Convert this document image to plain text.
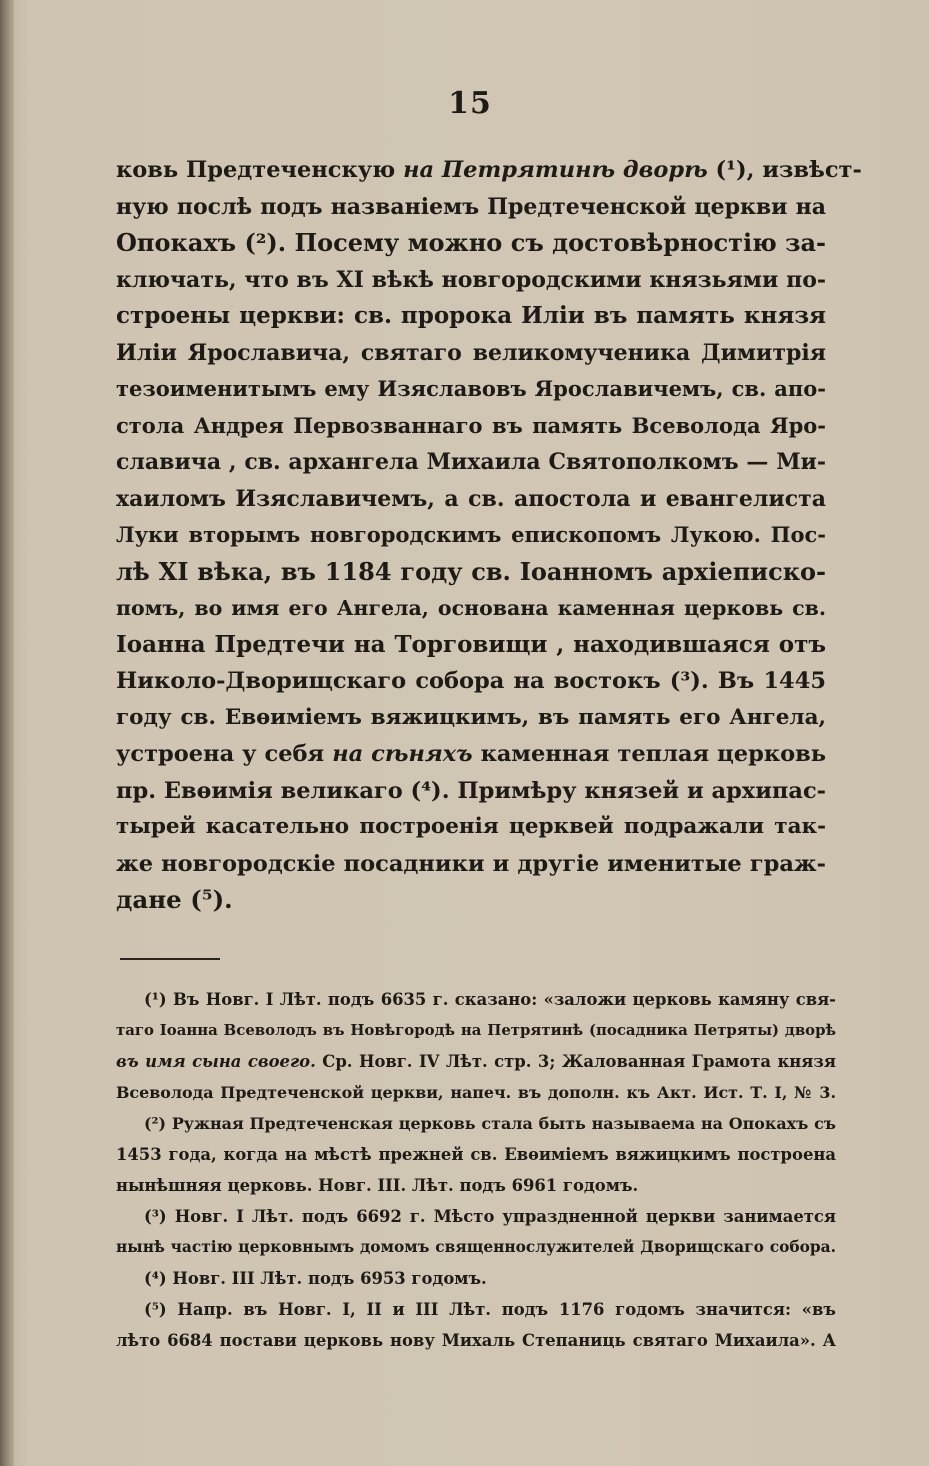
15
ковь Предтеченскую на Петрятинѣ дворѣ (¹), извѣст-
ную послѣ подъ названіемъ Предтеченской церкви на
Опокахъ (²). Посему можно съ достовѣрностію за-
ключать, что въ XI вѣкѣ новгородскими князьями по-
строены церкви: св. пророка Иліи въ память князя
Иліи Ярославича, святаго великомученика Димитрія
тезоименитымъ ему Изяславовъ Ярославичемъ, св. апо-
стола Андрея Первозваннаго въ память Всеволода Яро-
славича , св. архангела Михаила Святополкомъ — Ми-
хаиломъ Изяславичемъ, а св. апостола и евангелиста
Луки вторымъ новгородскимъ епископомъ Лукою. Пос-
лѣ XI вѣка, въ 1184 году св. Іоанномъ архіеписко-
помъ, во имя его Ангела, основана каменная церковь св.
Іоанна Предтечи на Торговищи , находившаяся отъ
Николо-Дворищскаго собора на востокъ (³). Въ 1445
году св. Евѳиміемъ вяжицкимъ, въ память его Ангела,
устроена у себя на сѣняхъ каменная теплая церковь
пр. Евѳимія великаго (⁴). Примѣру князей и архипас-
тырей касательно построенія церквей подражали так-
же новгородскіе посадники и другіе именитые граж-
дане (⁵).
(¹) Въ Новг. I Лѣт. подъ 6635 г. сказано: «заложи церковь камяну свя-
таго Іоанна Всеволодъ въ Новѣгородѣ на Петрятинѣ (посадника Петряты) дворѣ
въ имя сына своего. Ср. Новг. IV Лѣт. стр. 3; Жалованная Грамота князя
Всеволода Предтеченской церкви, напеч. въ дополн. къ Акт. Ист. Т. I, № 3.
(²) Ружная Предтеченская церковь стала быть называема на Опокахъ съ
1453 года, когда на мѣстѣ прежней св. Евѳиміемъ вяжицкимъ построена
нынѣшняя церковь. Новг. III. Лѣт. подъ 6961 годомъ.
(³) Новг. I Лѣт. подъ 6692 г. Мѣсто упраздненной церкви занимается
нынѣ частію церковнымъ домомъ священнослужителей Дворищскаго собора.
(⁴) Новг. III Лѣт. подъ 6953 годомъ.
(⁵) Напр. въ Новг. I, II и III Лѣт. подъ 1176 годомъ значится: «въ
лѣто 6684 постави церковь нову Михаль Степаниць святаго Михаила». А
